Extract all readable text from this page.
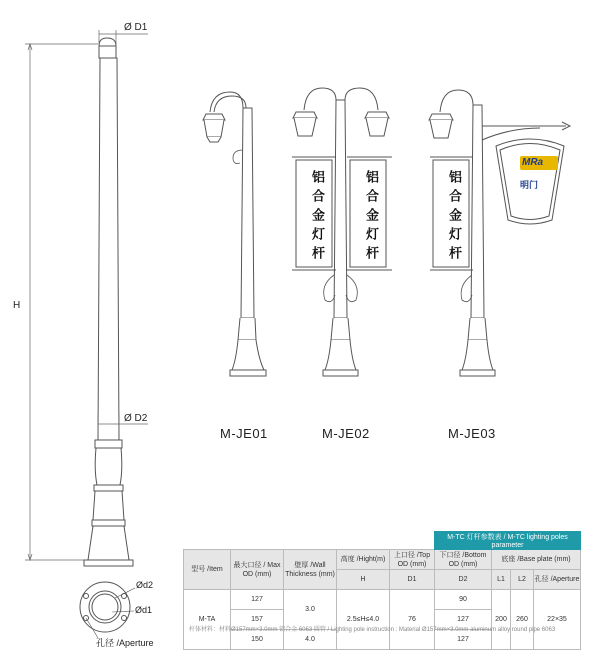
Ø D1
Ø D2
H
Ød2
Ød1
孔径 /Aperture
铝合金灯杆	铝合金灯杆	铝合金灯杆
MRa
明门
M-JE01	M-JE02	M-JE03
					M-TC 灯杆参数表 / M-TC lighting poles parameter			
型号 /Item	最大口径 / Max OD (mm)	壁厚 /Wall Thickness (mm)	高度 /Hight(m)	上口径 /Top OD (mm)	下口径 /Bottom OD (mm)	底座 /Base plate (mm)		
			H	D1	D2	L1	L2	孔径 /Aperture
M-TA	127	3.0	2.5≤H≤4.0	76	90	200	260	22×35
	157				127			
	150	4.0			127			
杆体材料：材料Ø157mm×3.0mm 铝合金 6063 圆管 / Lighting pole instruction : Material Ø157mm×3.0mm aluminum alloy round pipe 6063
